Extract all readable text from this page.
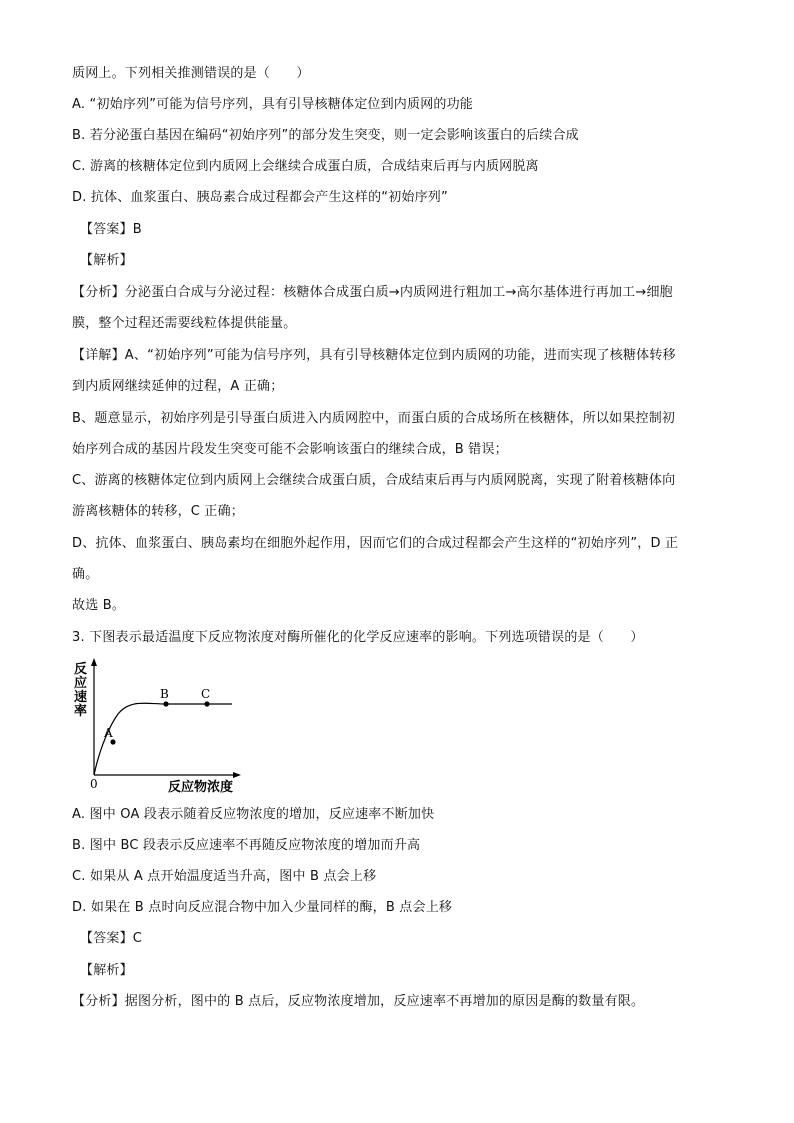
质网上。下列相关推测错误的是（　　）
A. “初始序列”可能为信号序列，具有引导核糖体定位到内质网的功能
B. 若分泌蛋白基因在编码“初始序列”的部分发生突变，则一定会影响该蛋白的后续合成
C. 游离的核糖体定位到内质网上会继续合成蛋白质，合成结束后再与内质网脱离
D. 抗体、血浆蛋白、胰岛素合成过程都会产生这样的“初始序列”
【答案】B
【解析】
【分析】分泌蛋白合成与分泌过程：核糖体合成蛋白质→内质网进行粗加工→高尔基体进行再加工→细胞
膜，整个过程还需要线粒体提供能量。
【详解】A、“初始序列”可能为信号序列，具有引导核糖体定位到内质网的功能，进而实现了核糖体转移
到内质网继续延伸的过程，A 正确；
B、题意显示，初始序列是引导蛋白质进入内质网腔中，而蛋白质的合成场所在核糖体，所以如果控制初
始序列合成的基因片段发生突变可能不会影响该蛋白的继续合成，B 错误；
C、游离的核糖体定位到内质网上会继续合成蛋白质，合成结束后再与内质网脱离，实现了附着核糖体向
游离核糖体的转移，C 正确；
D、抗体、血浆蛋白、胰岛素均在细胞外起作用，因而它们的合成过程都会产生这样的“初始序列”，D 正
确。
故选 B。
3. 下图表示最适温度下反应物浓度对酶所催化的化学反应速率的影响。下列选项错误的是（　　）
A. 图中 OA 段表示随着反应物浓度的增加，反应速率不断加快
B. 图中 BC 段表示反应速率不再随反应物浓度的增加而升高
C. 如果从 A 点开始温度适当升高，图中 B 点会上移
D. 如果在 B 点时向反应混合物中加入少量同样的酶，B 点会上移
【答案】C
【解析】
【分析】据图分析，图中的 B 点后，反应物浓度增加，反应速率不再增加的原因是酶的数量有限。
A
B	C
0	反应物浓度
反应速率
